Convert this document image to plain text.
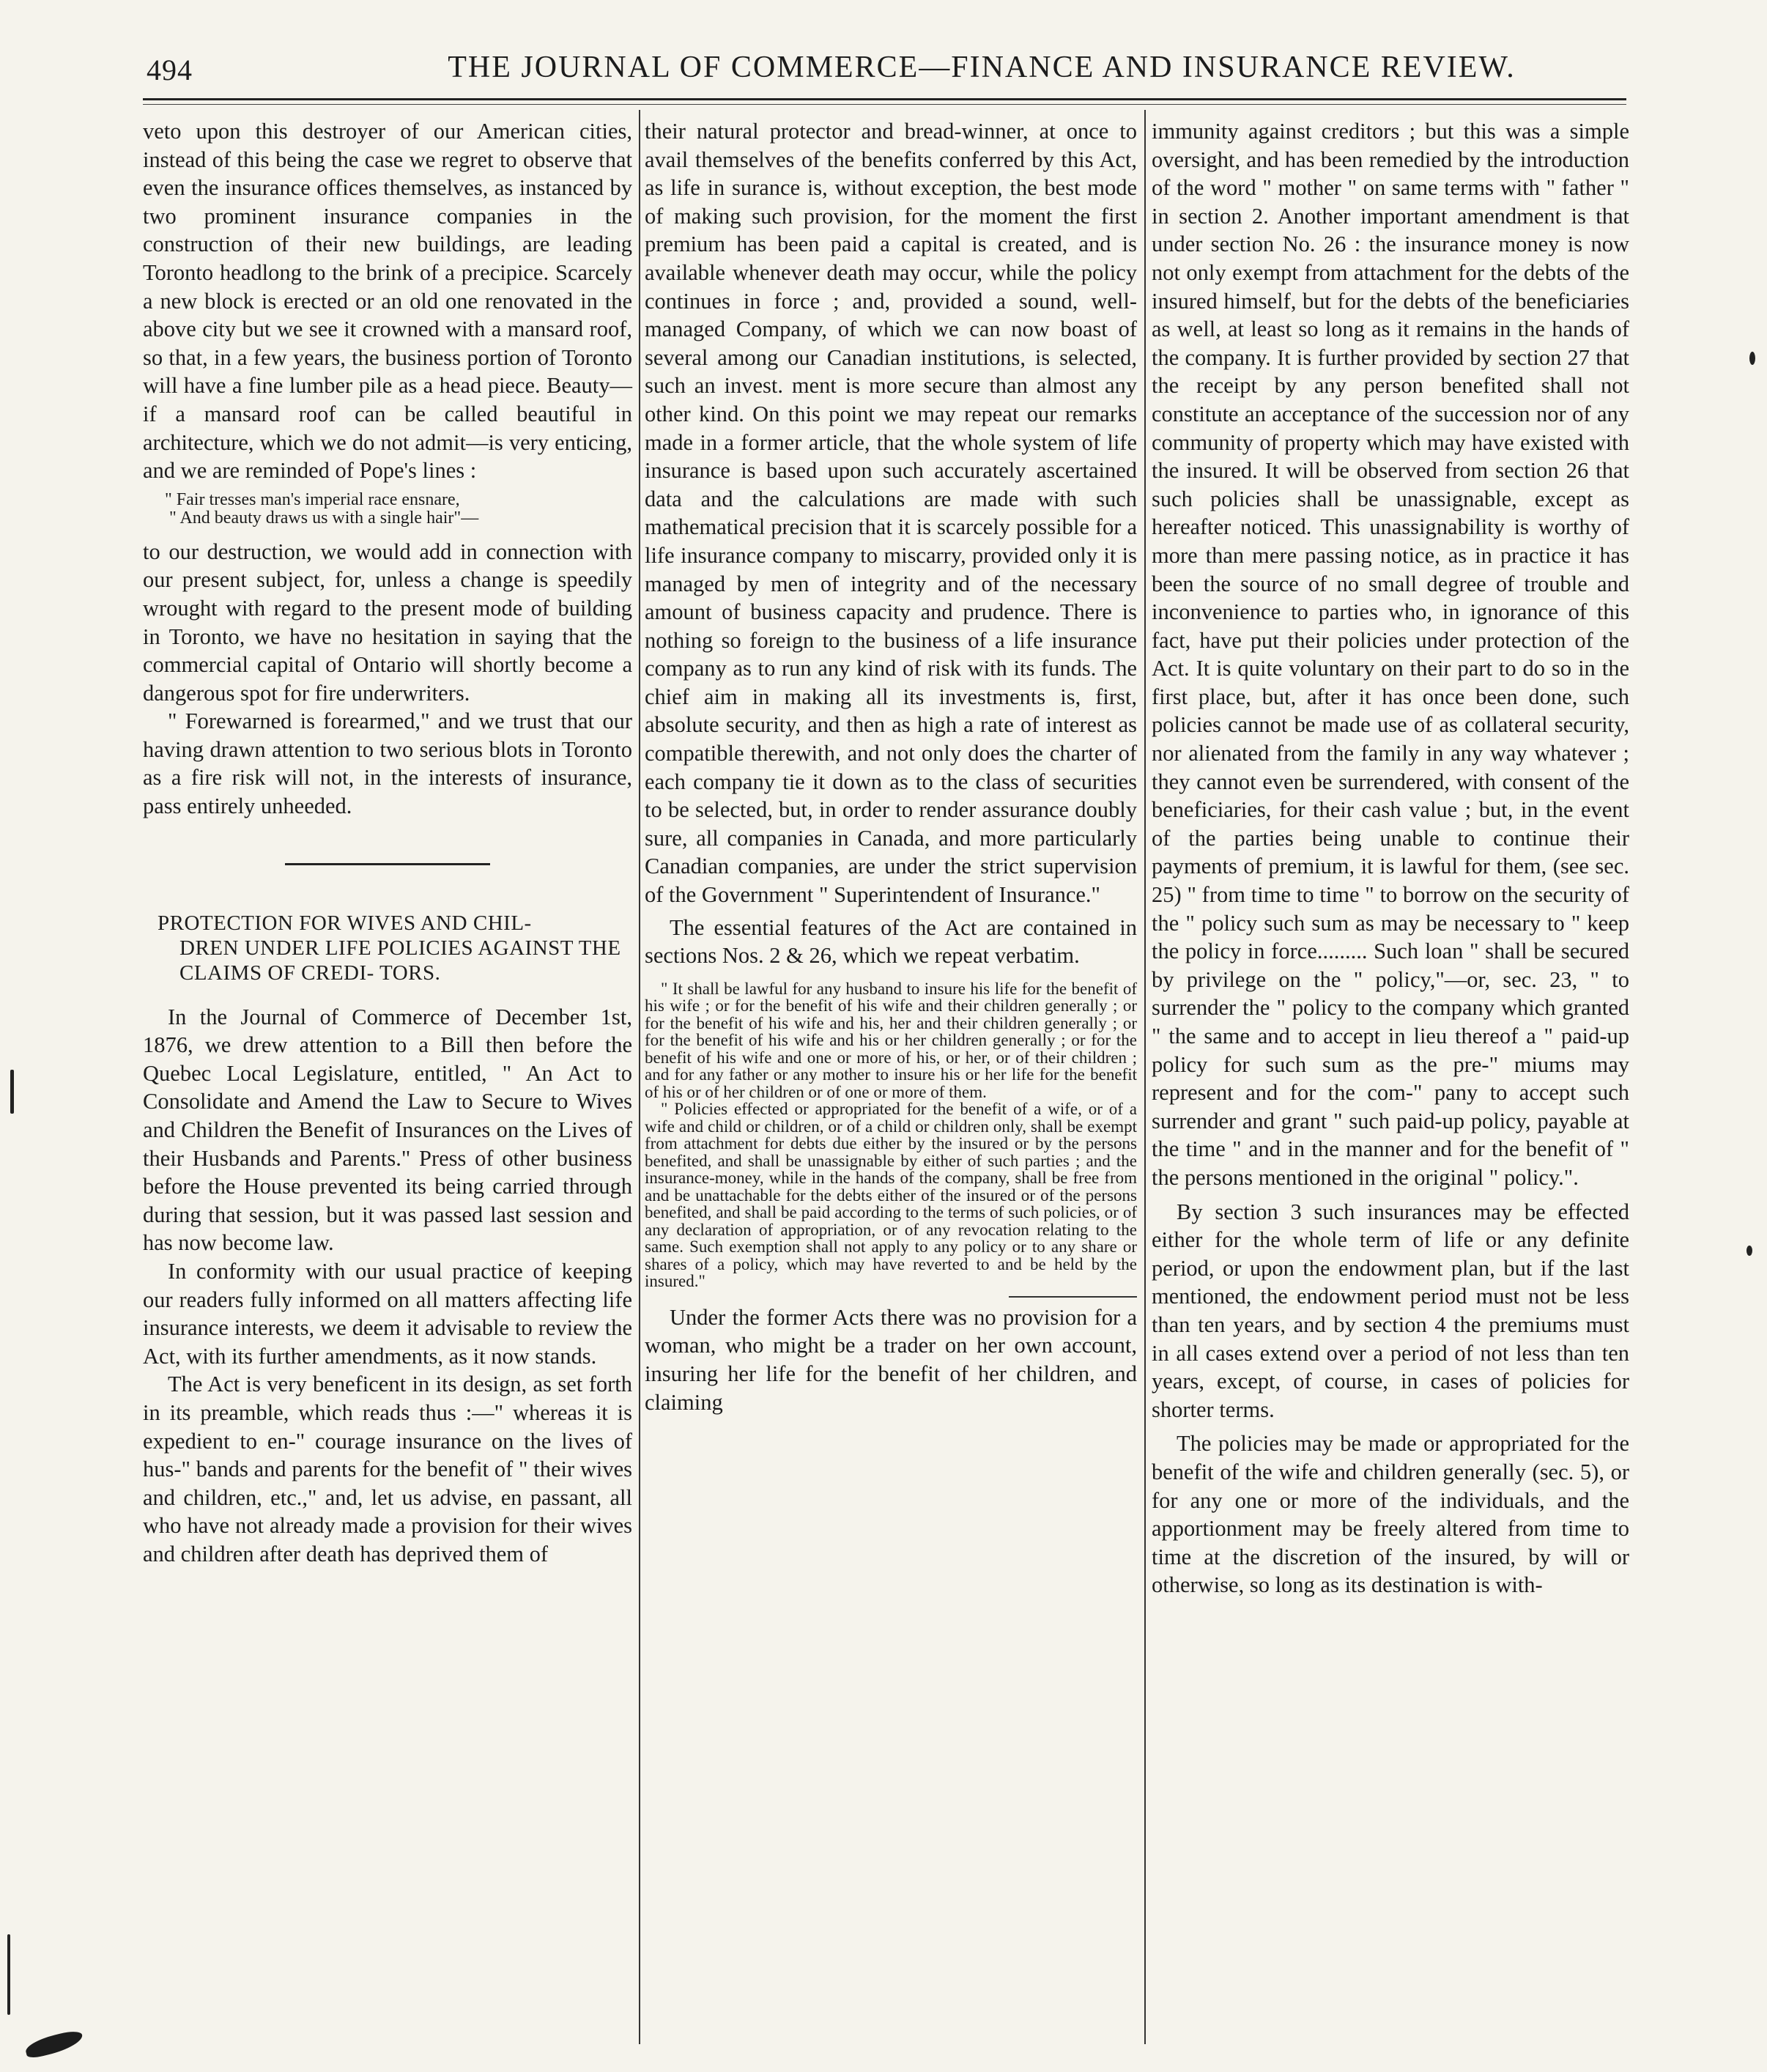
494	THE JOURNAL OF COMMERCE—FINANCE AND INSURANCE REVIEW.

veto upon this destroyer of our American cities, instead of this being the case we regret to observe that even the insurance offices themselves, as instanced by two prominent insurance companies in the construction of their new buildings, are leading Toronto headlong to the brink of a precipice. Scarcely a new block is erected or an old one renovated in the above city but we see it crowned with a mansard roof, so that, in a few years, the business portion of Toronto will have a fine lumber pile as a head piece. Beauty—if a mansard roof can be called beautiful in architecture, which we do not admit—is very enticing, and we are reminded of Pope's lines :

" Fair tresses man's imperial race ensnare,
" And beauty draws us with a single hair"—

to our destruction, we would add in connection with our present subject, for, unless a change is speedily wrought with regard to the present mode of building in Toronto, we have no hesitation in saying that the commercial capital of Ontario will shortly become a dangerous spot for fire underwriters.

" Forewarned is forearmed," and we trust that our having drawn attention to two serious blots in Toronto as a fire risk will not, in the interests of insurance, pass entirely unheeded.

PROTECTION FOR WIVES AND CHIL-
DREN UNDER LIFE POLICIES AGAINST THE CLAIMS OF CREDI- TORS.

In the Journal of Commerce of December 1st, 1876, we drew attention to a Bill then before the Quebec Local Legislature, entitled, " An Act to Consolidate and Amend the Law to Secure to Wives and Children the Benefit of Insurances on the Lives of their Husbands and Parents." Press of other business before the House prevented its being carried through during that session, but it was passed last session and has now become law.

In conformity with our usual practice of keeping our readers fully informed on all matters affecting life insurance interests, we deem it advisable to review the Act, with its further amendments, as it now stands.

The Act is very beneficent in its design, as set forth in its preamble, which reads thus :—" whereas it is expedient to en-" courage insurance on the lives of hus-" bands and parents for the benefit of " their wives and children, etc.," and, let us advise, en passant, all who have not already made a provision for their wives and children after death has deprived them of

their natural protector and bread-winner, at once to avail themselves of the benefits conferred by this Act, as life in surance is, without exception, the best mode of making such provision, for the moment the first premium has been paid a capital is created, and is available whenever death may occur, while the policy continues in force ; and, provided a sound, well-managed Company, of which we can now boast of several among our Canadian institutions, is selected, such an invest. ment is more secure than almost any other kind. On this point we may repeat our remarks made in a former article, that the whole system of life insurance is based upon such accurately ascertained data and the calculations are made with such mathematical precision that it is scarcely possible for a life insurance company to miscarry, provided only it is managed by men of integrity and of the necessary amount of business capacity and prudence. There is nothing so foreign to the business of a life insurance company as to run any kind of risk with its funds. The chief aim in making all its investments is, first, absolute security, and then as high a rate of interest as compatible therewith, and not only does the charter of each company tie it down as to the class of securities to be selected, but, in order to render assurance doubly sure, all companies in Canada, and more particularly Canadian companies, are under the strict supervision of the Government " Superintendent of Insurance."

The essential features of the Act are contained in sections Nos. 2 & 26, which we repeat verbatim.

" It shall be lawful for any husband to insure his life for the benefit of his wife ; or for the benefit of his wife and their children generally ; or for the benefit of his wife and his, her and their children generally ; or for the benefit of his wife and his or her children generally ; or for the benefit of his wife and one or more of his, or her, or of their children ; and for any father or any mother to insure his or her life for the benefit of his or of her children or of one or more of them.

" Policies effected or appropriated for the benefit of a wife, or of a wife and child or children, or of a child or children only, shall be exempt from attachment for debts due either by the insured or by the persons benefited, and shall be unassignable by either of such parties ; and the insurance-money, while in the hands of the company, shall be free from and be unattachable for the debts either of the insured or of the persons benefited, and shall be paid according to the terms of such policies, or of any declaration of appropriation, or of any revocation relating to the same. Such exemption shall not apply to any policy or to any share or shares of a policy, which may have reverted to and be held by the insured."

Under the former Acts there was no provision for a woman, who might be a trader on her own account, insuring her life for the benefit of her children, and claiming

immunity against creditors ; but this was a simple oversight, and has been remedied by the introduction of the word " mother " on same terms with " father " in section 2. Another important amendment is that under section No. 26 : the insurance money is now not only exempt from attachment for the debts of the insured himself, but for the debts of the beneficiaries as well, at least so long as it remains in the hands of the company. It is further provided by section 27 that the receipt by any person benefited shall not constitute an acceptance of the succession nor of any community of property which may have existed with the insured. It will be observed from section 26 that such policies shall be unassignable, except as hereafter noticed. This unassignability is worthy of more than mere passing notice, as in practice it has been the source of no small degree of trouble and inconvenience to parties who, in ignorance of this fact, have put their policies under protection of the Act. It is quite voluntary on their part to do so in the first place, but, after it has once been done, such policies cannot be made use of as collateral security, nor alienated from the family in any way whatever ; they cannot even be surrendered, with consent of the beneficiaries, for their cash value ; but, in the event of the parties being unable to continue their payments of premium, it is lawful for them, (see sec. 25) " from time to time " to borrow on the security of the " policy such sum as may be necessary to " keep the policy in force......... Such loan " shall be secured by privilege on the " policy,"—or, sec. 23, " to surrender the " policy to the company which granted " the same and to accept in lieu thereof a " paid-up policy for such sum as the pre-" miums may represent and for the com-" pany to accept such surrender and grant " such paid-up policy, payable at the time " and in the manner and for the benefit of " the persons mentioned in the original " policy.".

By section 3 such insurances may be effected either for the whole term of life or any definite period, or upon the endowment plan, but if the last mentioned, the endowment period must not be less than ten years, and by section 4 the premiums must in all cases extend over a period of not less than ten years, except, of course, in cases of policies for shorter terms.

The policies may be made or appropriated for the benefit of the wife and children generally (sec. 5), or for any one or more of the individuals, and the apportionment may be freely altered from time to time at the discretion of the insured, by will or otherwise, so long as its destination is with-
